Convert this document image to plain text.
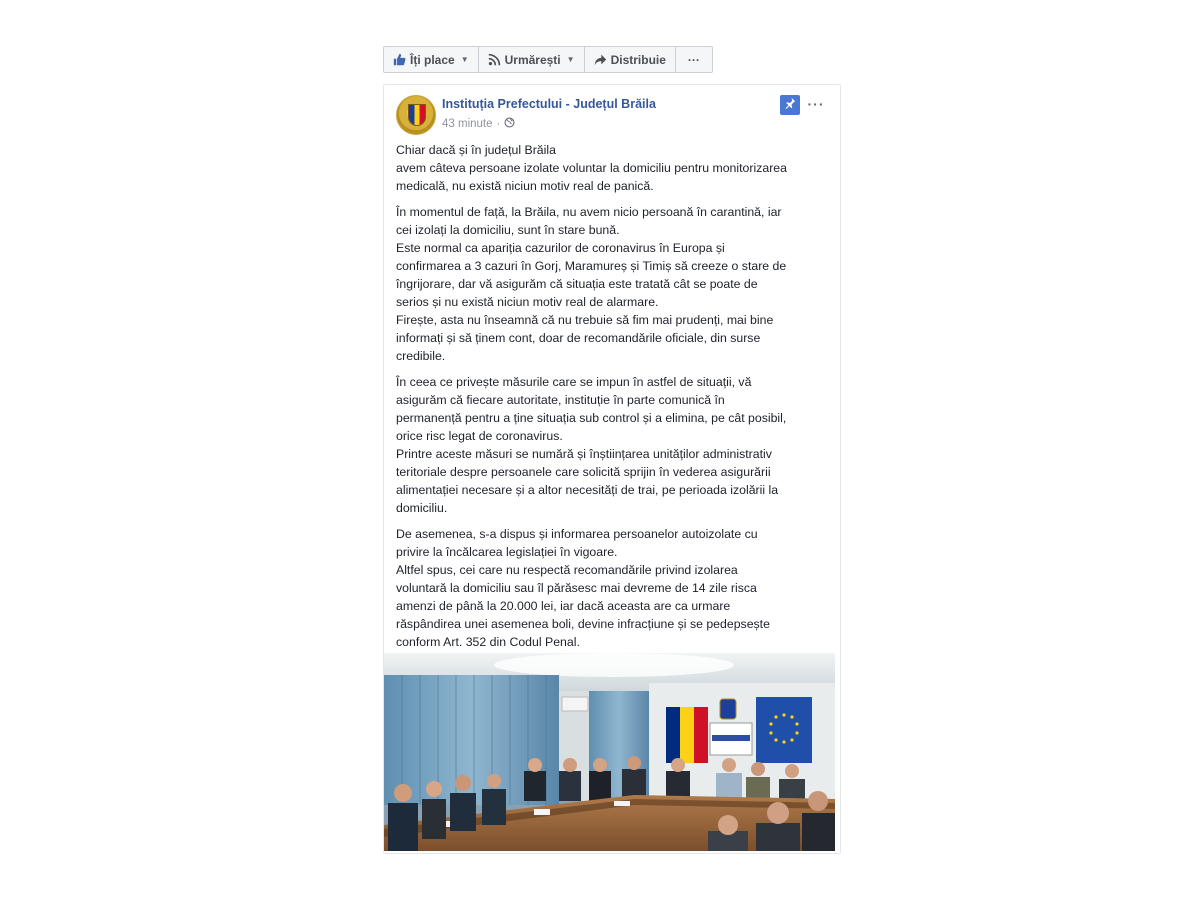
Îți place ▼	Urmărești ▼	Distribuie ···
Instituția Prefectului - Județul Brăila
43 minute ·
···

Chiar dacă și în județul Brăila
avem câteva persoane izolate voluntar la domiciliu pentru monitorizarea
medicală, nu există niciun motiv real de panică.

În momentul de față, la Brăila, nu avem nicio persoană în carantină, iar
cei izolați la domiciliu, sunt în stare bună.
Este normal ca apariția cazurilor de coronavirus în Europa și
confirmarea a 3 cazuri în Gorj, Maramureș și Timiș să creeze o stare de
îngrijorare, dar vă asigurăm că situația este tratată cât se poate de
serios și nu există niciun motiv real de alarmare.
Firește, asta nu înseamnă că nu trebuie să fim mai prudenți, mai bine
informați și să ținem cont, doar de recomandările oficiale, din surse
credibile.

În ceea ce privește măsurile care se impun în astfel de situații, vă
asigurăm că fiecare autoritate, instituție în parte comunică în
permanență pentru a ține situația sub control și a elimina, pe cât posibil,
orice risc legat de coronavirus.
Printre aceste măsuri se numără și înștiințarea unităților administrativ
teritoriale despre persoanele care solicită sprijin în vederea asigurării
alimentației necesare și a altor necesități de trai, pe perioada izolării la
domiciliu.

De asemenea, s-a dispus și informarea persoanelor autoizolate cu
privire la încălcarea legislației în vigoare.
Altfel spus, cei care nu respectă recomandările privind izolarea
voluntară la domiciliu sau îl părăsesc mai devreme de 14 zile risca
amenzi de până la 20.000 lei, iar dacă aceasta are ca urmare
răspândirea unei asemenea boli, devine infracțiune și se pedepsește
conform Art. 352 din Codul Penal.
